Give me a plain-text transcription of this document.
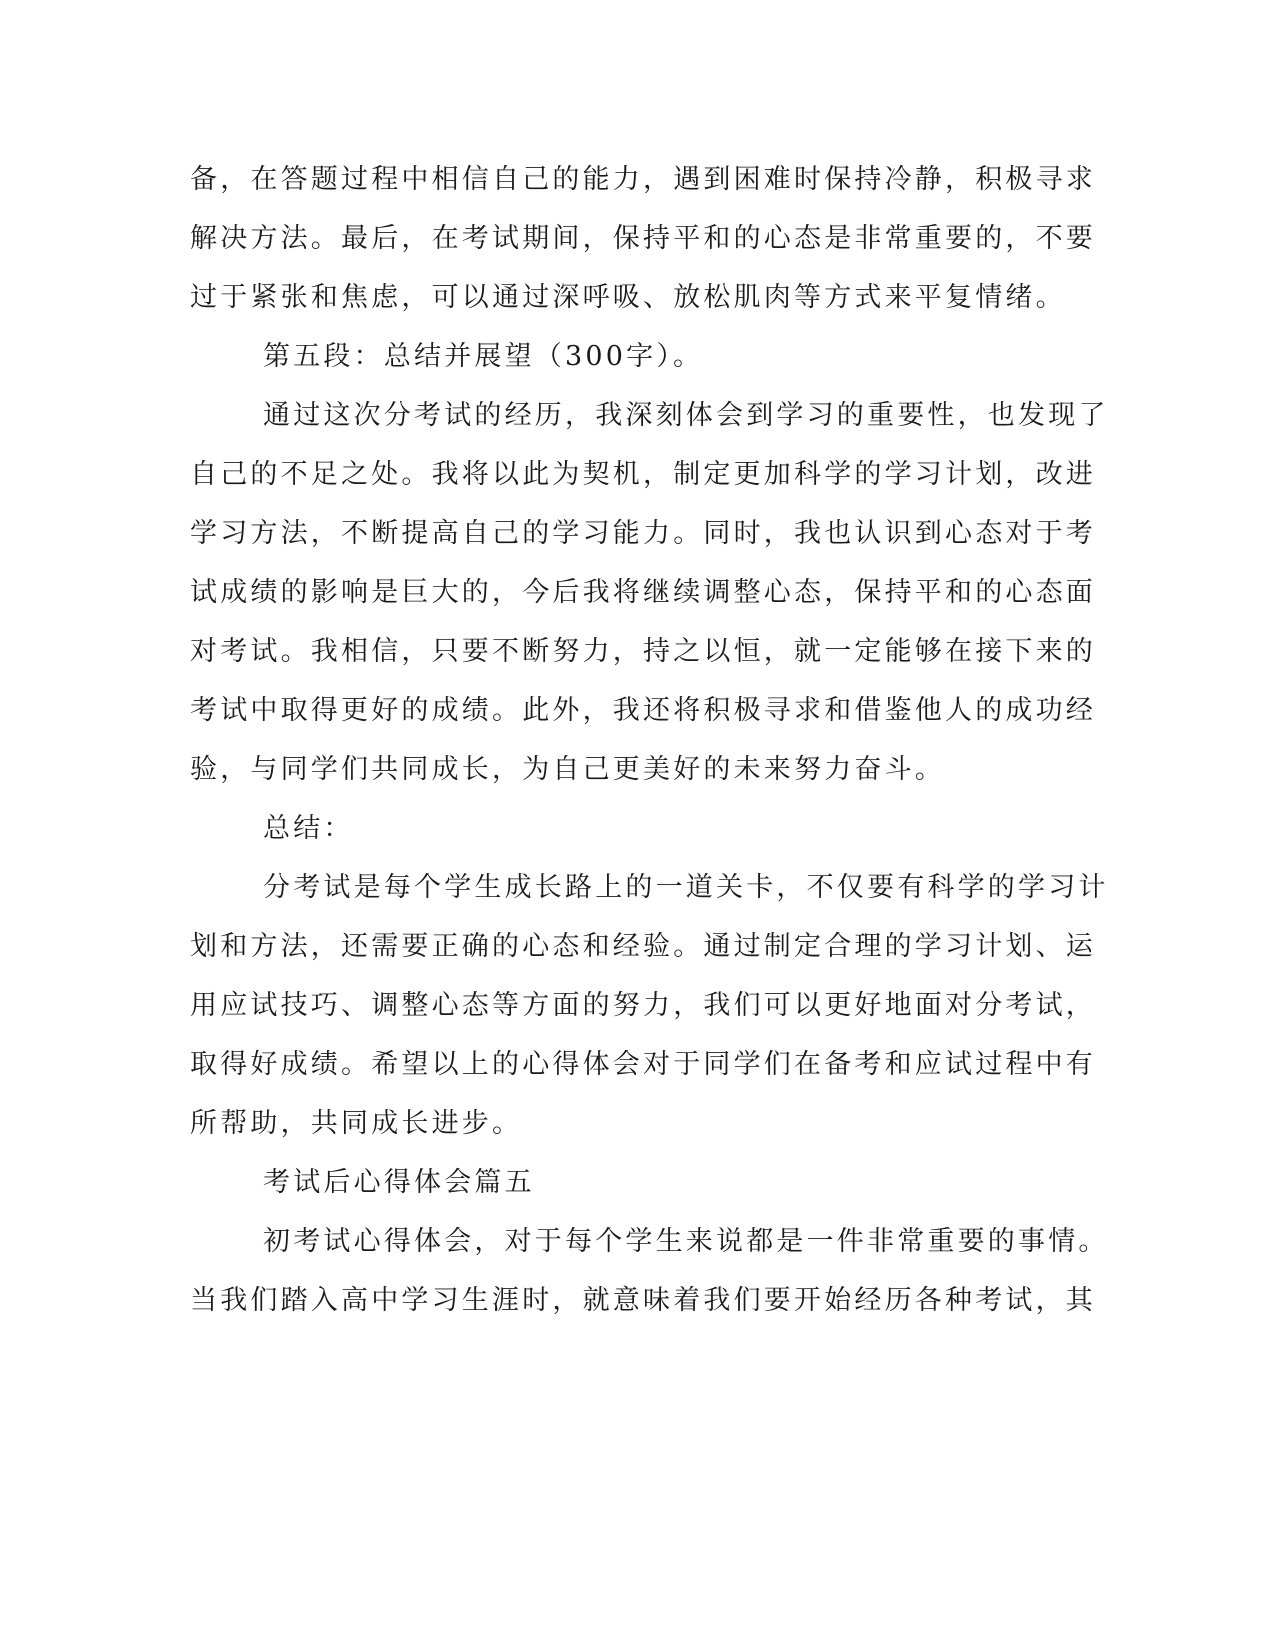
备，在答题过程中相信自己的能力，遇到困难时保持冷静，积极寻求
解决方法。最后，在考试期间，保持平和的心态是非常重要的，不要
过于紧张和焦虑，可以通过深呼吸、放松肌肉等方式来平复情绪。
第五段：总结并展望（300字）。
通过这次分考试的经历，我深刻体会到学习的重要性，也发现了
自己的不足之处。我将以此为契机，制定更加科学的学习计划，改进
学习方法，不断提高自己的学习能力。同时，我也认识到心态对于考
试成绩的影响是巨大的，今后我将继续调整心态，保持平和的心态面
对考试。我相信，只要不断努力，持之以恒，就一定能够在接下来的
考试中取得更好的成绩。此外，我还将积极寻求和借鉴他人的成功经
验，与同学们共同成长，为自己更美好的未来努力奋斗。
总结：
分考试是每个学生成长路上的一道关卡，不仅要有科学的学习计
划和方法，还需要正确的心态和经验。通过制定合理的学习计划、运
用应试技巧、调整心态等方面的努力，我们可以更好地面对分考试，
取得好成绩。希望以上的心得体会对于同学们在备考和应试过程中有
所帮助，共同成长进步。
考试后心得体会篇五
初考试心得体会，对于每个学生来说都是一件非常重要的事情。
当我们踏入高中学习生涯时，就意味着我们要开始经历各种考试，其
